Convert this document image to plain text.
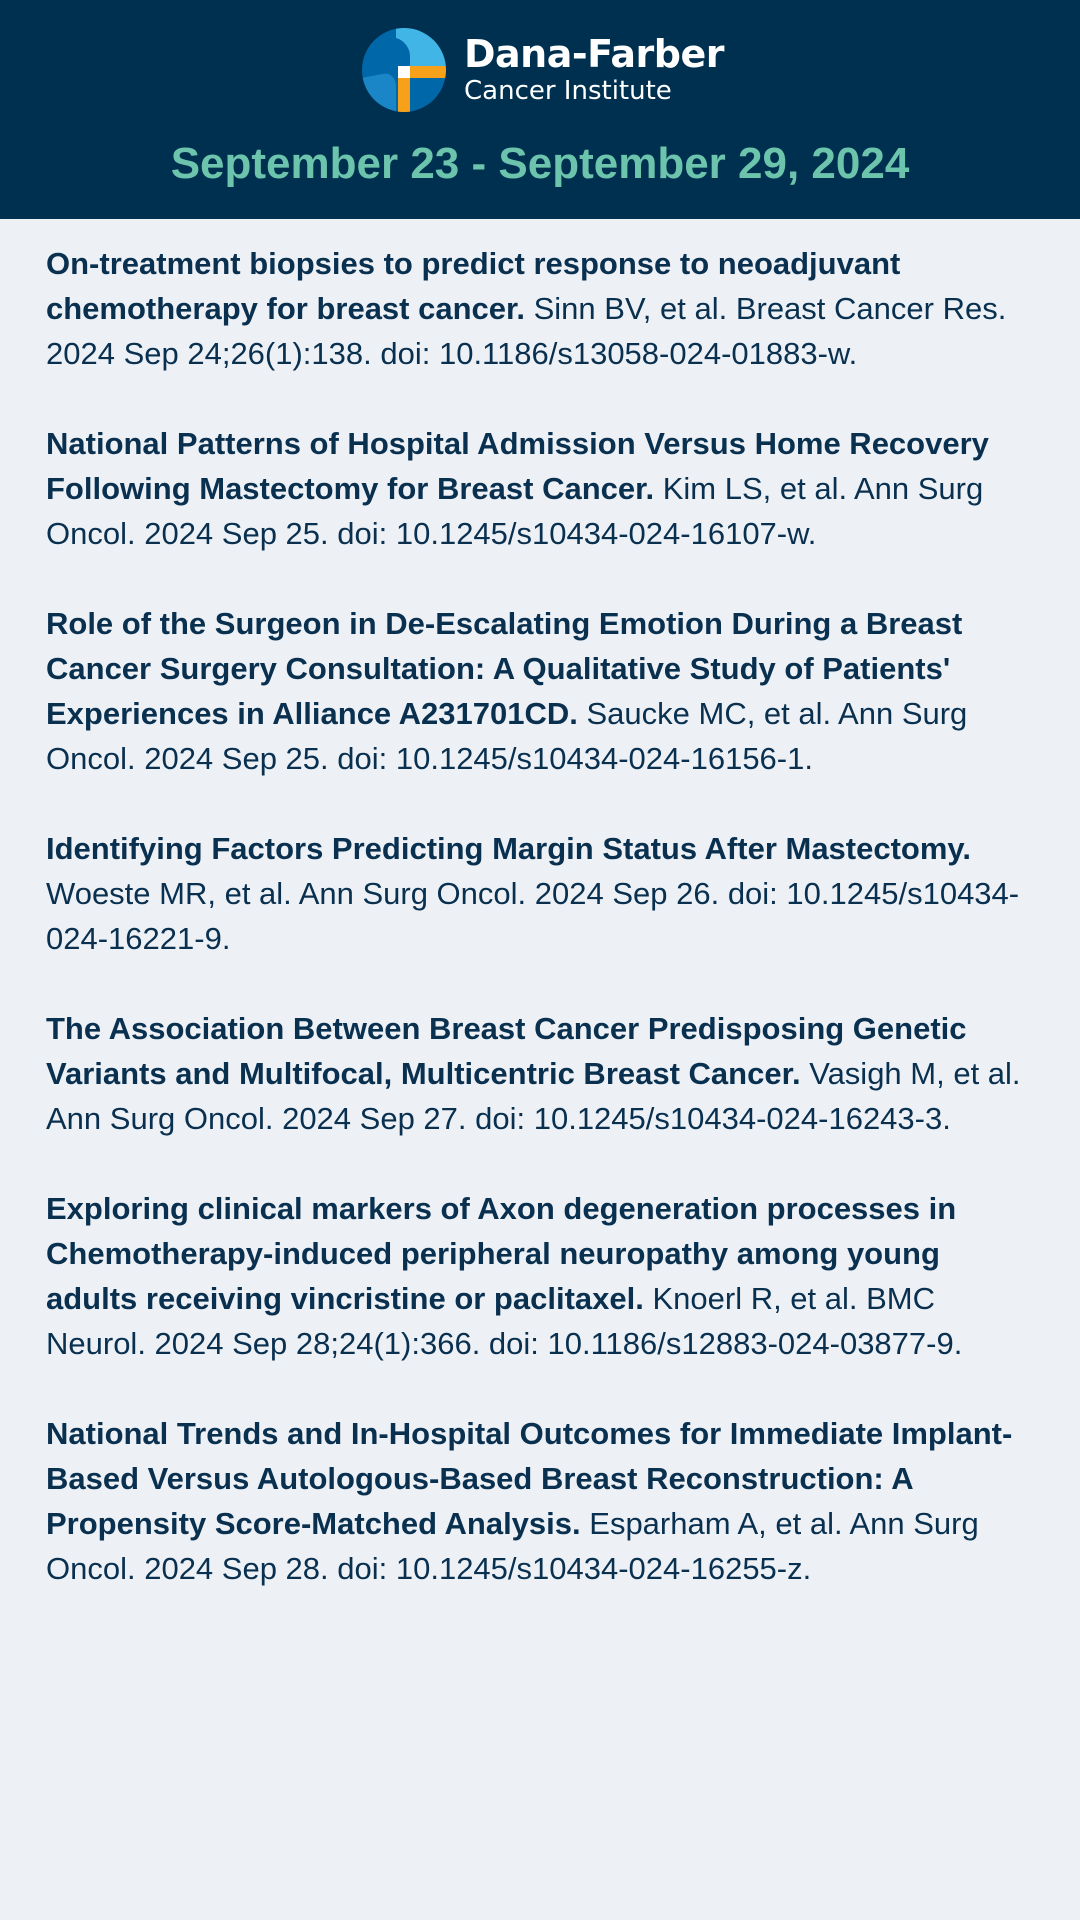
Dana-Farber
Cancer Institute
September 23 - September 29, 2024

On-treatment biopsies to predict response to neoadjuvant chemotherapy for breast cancer. Sinn BV, et al. Breast Cancer Res. 2024 Sep 24;26(1):138. doi: 10.1186/s13058-024-01883-w.

National Patterns of Hospital Admission Versus Home Recovery Following Mastectomy for Breast Cancer. Kim LS, et al. Ann Surg Oncol. 2024 Sep 25. doi: 10.1245/s10434-024-16107-w.

Role of the Surgeon in De-Escalating Emotion During a Breast Cancer Surgery Consultation: A Qualitative Study of Patients' Experiences in Alliance A231701CD. Saucke MC, et al. Ann Surg Oncol. 2024 Sep 25. doi: 10.1245/s10434-024-16156-1.

Identifying Factors Predicting Margin Status After Mastectomy. Woeste MR, et al. Ann Surg Oncol. 2024 Sep 26. doi: 10.1245/s10434-024-16221-9.

The Association Between Breast Cancer Predisposing Genetic Variants and Multifocal, Multicentric Breast Cancer. Vasigh M, et al. Ann Surg Oncol. 2024 Sep 27. doi: 10.1245/s10434-024-16243-3.

Exploring clinical markers of Axon degeneration processes in Chemotherapy-induced peripheral neuropathy among young adults receiving vincristine or paclitaxel. Knoerl R, et al. BMC Neurol. 2024 Sep 28;24(1):366. doi: 10.1186/s12883-024-03877-9.

National Trends and In-Hospital Outcomes for Immediate Implant-Based Versus Autologous-Based Breast Reconstruction: A Propensity Score-Matched Analysis. Esparham A, et al. Ann Surg Oncol. 2024 Sep 28. doi: 10.1245/s10434-024-16255-z.
